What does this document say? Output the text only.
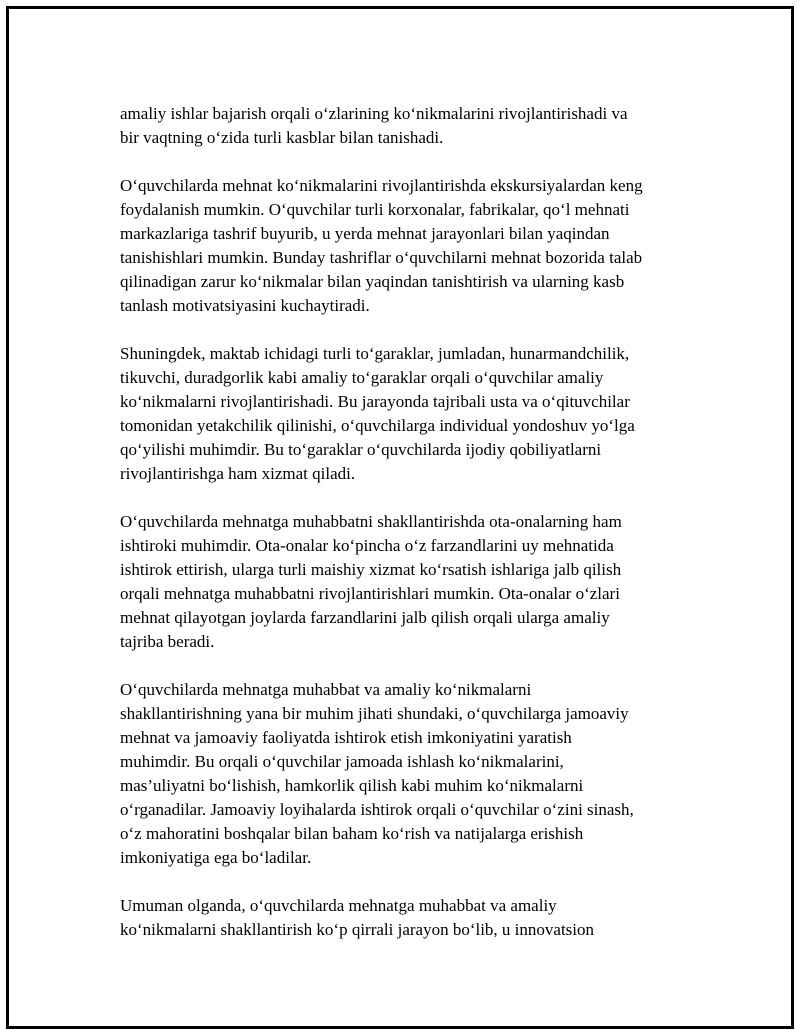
amaliy ishlar bajarish orqali o‘zlarining ko‘nikmalarini rivojlantirishadi va
bir vaqtning o‘zida turli kasblar bilan tanishadi.

O‘quvchilarda mehnat ko‘nikmalarini rivojlantirishda ekskursiyalardan keng
foydalanish mumkin. O‘quvchilar turli korxonalar, fabrikalar, qo‘l mehnati
markazlariga tashrif buyurib, u yerda mehnat jarayonlari bilan yaqindan
tanishishlari mumkin. Bunday tashriflar o‘quvchilarni mehnat bozorida talab
qilinadigan zarur ko‘nikmalar bilan yaqindan tanishtirish va ularning kasb
tanlash motivatsiyasini kuchaytiradi.

Shuningdek, maktab ichidagi turli to‘garaklar, jumladan, hunarmandchilik,
tikuvchi, duradgorlik kabi amaliy to‘garaklar orqali o‘quvchilar amaliy
ko‘nikmalarni rivojlantirishadi. Bu jarayonda tajribali usta va o‘qituvchilar
tomonidan yetakchilik qilinishi, o‘quvchilarga individual yondoshuv yo‘lga
qo‘yilishi muhimdir. Bu to‘garaklar o‘quvchilarda ijodiy qobiliyatlarni
rivojlantirishga ham xizmat qiladi.

O‘quvchilarda mehnatga muhabbatni shakllantirishda ota-onalarning ham
ishtiroki muhimdir. Ota-onalar ko‘pincha o‘z farzandlarini uy mehnatida
ishtirok ettirish, ularga turli maishiy xizmat ko‘rsatish ishlariga jalb qilish
orqali mehnatga muhabbatni rivojlantirishlari mumkin. Ota-onalar o‘zlari
mehnat qilayotgan joylarda farzandlarini jalb qilish orqali ularga amaliy
tajriba beradi.

O‘quvchilarda mehnatga muhabbat va amaliy ko‘nikmalarni
shakllantirishning yana bir muhim jihati shundaki, o‘quvchilarga jamoaviy
mehnat va jamoaviy faoliyatda ishtirok etish imkoniyatini yaratish
muhimdir. Bu orqali o‘quvchilar jamoada ishlash ko‘nikmalarini,
mas’uliyatni bo‘lishish, hamkorlik qilish kabi muhim ko‘nikmalarni
o‘rganadilar. Jamoaviy loyihalarda ishtirok orqali o‘quvchilar o‘zini sinash,
o‘z mahoratini boshqalar bilan baham ko‘rish va natijalarga erishish
imkoniyatiga ega bo‘ladilar.

Umuman olganda, o‘quvchilarda mehnatga muhabbat va amaliy
ko‘nikmalarni shakllantirish ko‘p qirrali jarayon bo‘lib, u innovatsion
